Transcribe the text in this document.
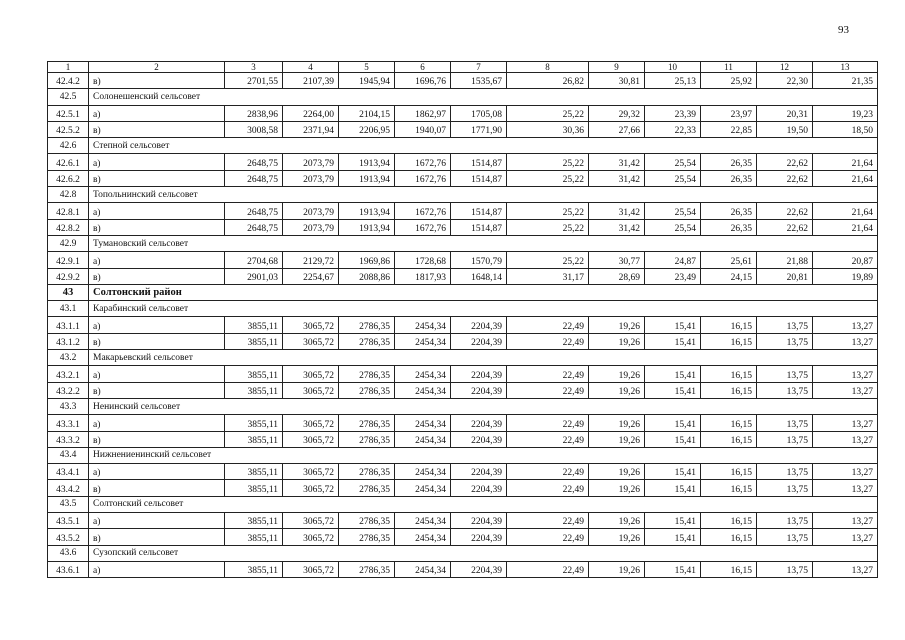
93
1	2	3	4	5	6	7	8	9	10	11	12	13
42.4.2	в)	2701,55	2107,39	1945,94	1696,76	1535,67	26,82	30,81	25,13	25,92	22,30	21,35
42.5	Солонешенский сельсовет											
42.5.1	а)	2838,96	2264,00	2104,15	1862,97	1705,08	25,22	29,32	23,39	23,97	20,31	19,23
42.5.2	в)	3008,58	2371,94	2206,95	1940,07	1771,90	30,36	27,66	22,33	22,85	19,50	18,50
42.6	Степной сельсовет											
42.6.1	а)	2648,75	2073,79	1913,94	1672,76	1514,87	25,22	31,42	25,54	26,35	22,62	21,64
42.6.2	в)	2648,75	2073,79	1913,94	1672,76	1514,87	25,22	31,42	25,54	26,35	22,62	21,64
42.8	Топольнинский сельсовет											
42.8.1	а)	2648,75	2073,79	1913,94	1672,76	1514,87	25,22	31,42	25,54	26,35	22,62	21,64
42.8.2	в)	2648,75	2073,79	1913,94	1672,76	1514,87	25,22	31,42	25,54	26,35	22,62	21,64
42.9	Тумановский сельсовет											
42.9.1	а)	2704,68	2129,72	1969,86	1728,68	1570,79	25,22	30,77	24,87	25,61	21,88	20,87
42.9.2	в)	2901,03	2254,67	2088,86	1817,93	1648,14	31,17	28,69	23,49	24,15	20,81	19,89
43	Солтонский район											
43.1	Карабинский сельсовет											
43.1.1	а)	3855,11	3065,72	2786,35	2454,34	2204,39	22,49	19,26	15,41	16,15	13,75	13,27
43.1.2	в)	3855,11	3065,72	2786,35	2454,34	2204,39	22,49	19,26	15,41	16,15	13,75	13,27
43.2	Макарьевский сельсовет											
43.2.1	а)	3855,11	3065,72	2786,35	2454,34	2204,39	22,49	19,26	15,41	16,15	13,75	13,27
43.2.2	в)	3855,11	3065,72	2786,35	2454,34	2204,39	22,49	19,26	15,41	16,15	13,75	13,27
43.3	Ненинский сельсовет											
43.3.1	а)	3855,11	3065,72	2786,35	2454,34	2204,39	22,49	19,26	15,41	16,15	13,75	13,27
43.3.2	в)	3855,11	3065,72	2786,35	2454,34	2204,39	22,49	19,26	15,41	16,15	13,75	13,27
43.4	Нижнениенинский сельсовет											
43.4.1	а)	3855,11	3065,72	2786,35	2454,34	2204,39	22,49	19,26	15,41	16,15	13,75	13,27
43.4.2	в)	3855,11	3065,72	2786,35	2454,34	2204,39	22,49	19,26	15,41	16,15	13,75	13,27
43.5	Солтонский сельсовет											
43.5.1	а)	3855,11	3065,72	2786,35	2454,34	2204,39	22,49	19,26	15,41	16,15	13,75	13,27
43.5.2	в)	3855,11	3065,72	2786,35	2454,34	2204,39	22,49	19,26	15,41	16,15	13,75	13,27
43.6	Сузопский сельсовет											
43.6.1	а)	3855,11	3065,72	2786,35	2454,34	2204,39	22,49	19,26	15,41	16,15	13,75	13,27
